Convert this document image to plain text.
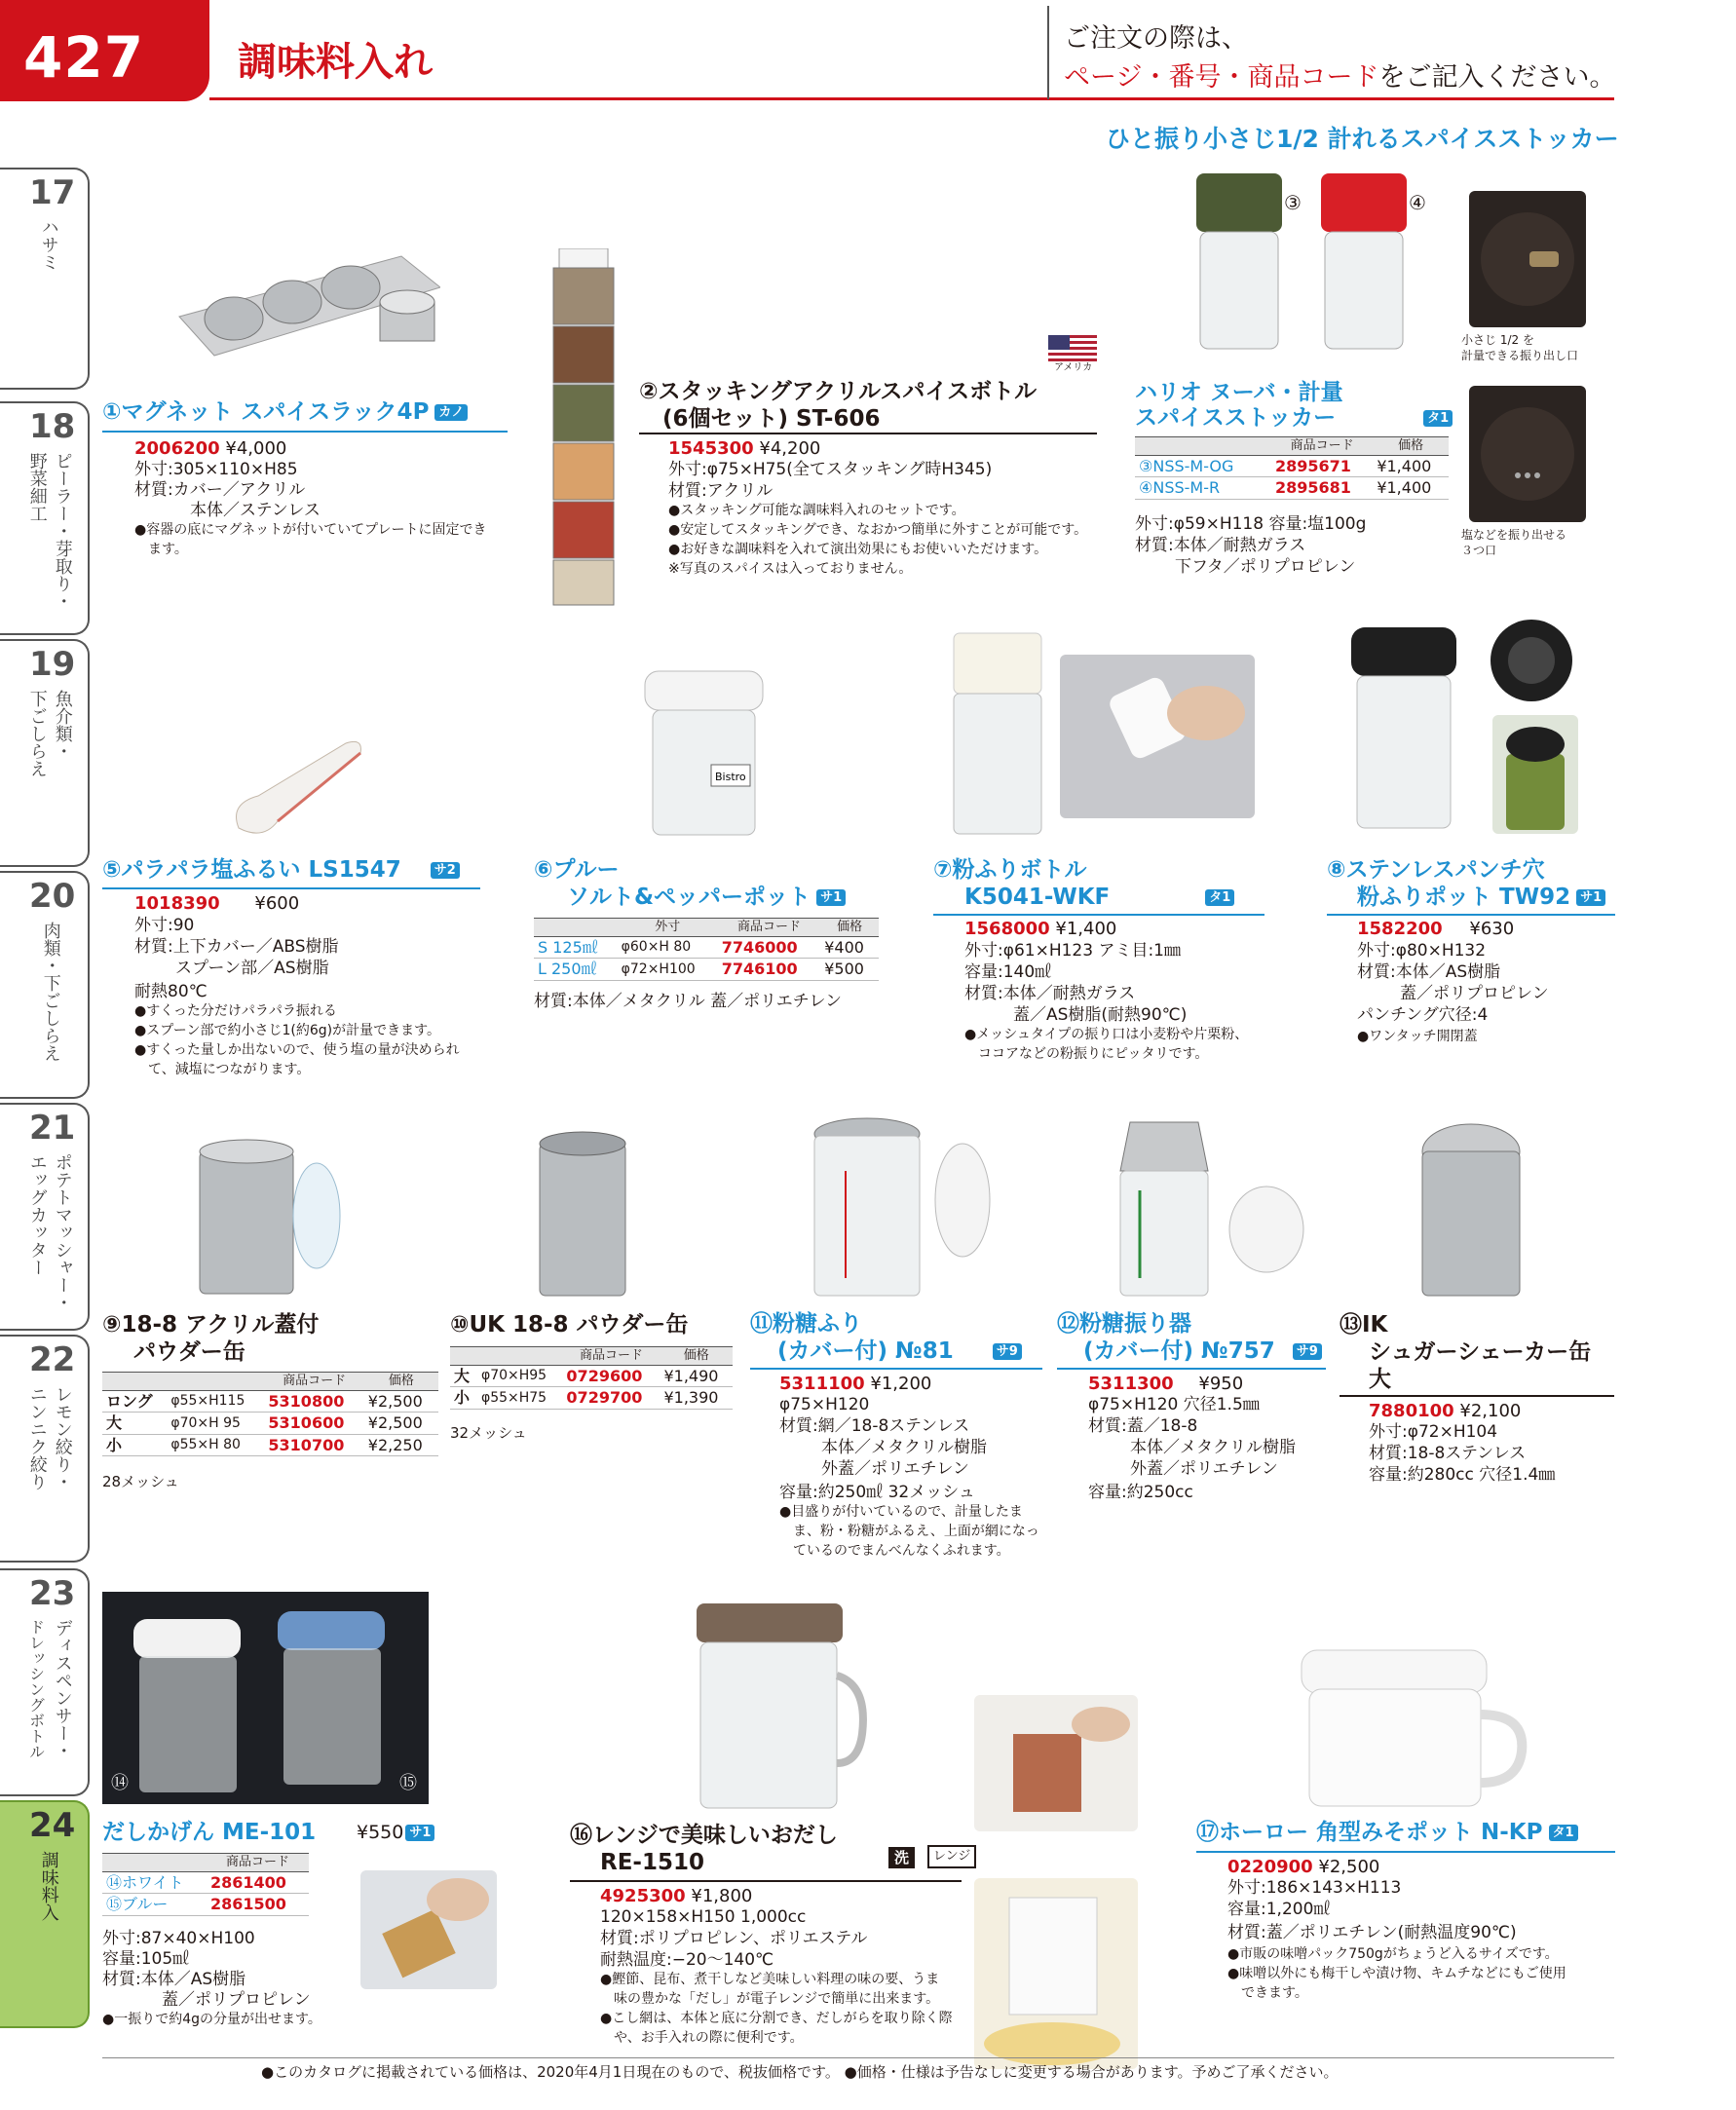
427 調味料入れ
ご注文の際は、
ページ・番号・商品コードをご記入ください。
ひと振り小さじ1/2 計れるスパイスストッカー
17
ハサミ
18
ピーラー・芽取り・
野菜細工
19
魚介類・
下ごしらえ
20
肉類・下ごしらえ
21
ポテトマッシャー・
エッグカッター
22
レモン絞り・
ニンニク絞り
23
ディスペンサー・
ドレッシングボトル
24
調味料入
①マグネット スパイスラック4P カノ
2006200 ¥4,000
外寸:305×110×H85
材質:カバー／アクリル
本体／ステンレス
●容器の底にマグネットが付いていてプレートに固定でき
ます。
アメリカ
②スタッキングアクリルスパイスボトル
(6個セット) ST-606
1545300 ¥4,200
外寸:φ75×H75(全てスタッキング時H345)
材質:アクリル
●スタッキング可能な調味料入れのセットです。
●安定してスタッキングでき、なおかつ簡単に外すことが可能です。
●お好きな調味料を入れて演出効果にもお使いいただけます。
※写真のスパイスは入っておりません。
③	④
小さじ 1/2 を
計量できる振り出し口
塩などを振り出せる
３つ口
ハリオ ヌーバ・計量
スパイスストッカー	タ1
	商品コード	価格
③NSS-M-OG	2895671	¥1,400
④NSS-M-R	2895681	¥1,400
外寸:φ59×H118 容量:塩100g
材質:本体／耐熱ガラス
下フタ／ポリプロピレン
⑤パラパラ塩ふるい LS1547	サ2
1018390 ¥600
外寸:90
材質:上下カバー／ABS樹脂
スプーン部／AS樹脂
耐熱80℃
●すくった分だけパラパラ振れる
●スプーン部で約小さじ1(約6g)が計量できます。
●すくった量しか出ないので、使う塩の量が決められ
て、減塩につながります。
Bistro
⑥プルー
ソルト&ペッパーポット サ1
	外寸	商品コード	価格
S 125㎖	φ60×H 80	7746000	¥400
L 250㎖	φ72×H100	7746100	¥500
材質:本体／メタクリル 蓋／ポリエチレン
⑦粉ふりボトル
K5041-WKF	タ1
1568000 ¥1,400
外寸:φ61×H123 アミ目:1㎜
容量:140㎖
材質:本体／耐熱ガラス
蓋／AS樹脂(耐熱90℃)
●メッシュタイプの振り口は小麦粉や片栗粉、
ココアなどの粉振りにピッタリです。
⑧ステンレスパンチ穴
粉ふりポット TW92 サ1
1582200 ¥630
外寸:φ80×H132
材質:本体／AS樹脂
蓋／ポリプロピレン
パンチング穴径:4
●ワンタッチ開閉蓋
⑨18-8 アクリル蓋付
パウダー缶
		商品コード	価格
ロング	φ55×H115	5310800	¥2,500
大	φ70×H 95	5310600	¥2,500
小	φ55×H 80	5310700	¥2,250
28メッシュ
⑩UK 18-8 パウダー缶
		商品コード	価格
大	φ70×H95	0729600	¥1,490
小	φ55×H75	0729700	¥1,390
32メッシュ
⑪粉糖ふり
(カバー付) №81	サ9
5311100 ¥1,200
φ75×H120
材質:網／18-8ステンレス
本体／メタクリル樹脂
外蓋／ポリエチレン
容量:約250㎖ 32メッシュ
●目盛りが付いているので、計量したま
ま、粉・粉糖がふるえ、上面が網になっ
ているのでまんべんなくふれます。
⑫粉糖振り器
(カバー付) №757 サ9
5311300 ¥950
φ75×H120 穴径1.5㎜
材質:蓋／18-8
本体／メタクリル樹脂
外蓋／ポリエチレン
容量:約250cc
⑬IK
シュガーシェーカー缶
大
7880100 ¥2,100
外寸:φ72×H104
材質:18-8ステンレス
容量:約280cc 穴径1.4㎜
⑭	⑮
だしかげん ME-101 ¥550 サ1
	商品コード
⑭ホワイト	2861400
⑮ブルー	2861500
外寸:87×40×H100
容量:105㎖
材質:本体／AS樹脂
蓋／ポリプロピレン
●一振りで約4gの分量が出せます。
⑯レンジで美味しいおだし
RE-1510	洗	レンジ
4925300 ¥1,800
120×158×H150 1,000cc
材質:ポリプロピレン、ポリエステル
耐熱温度:−20〜140℃
●鰹節、昆布、煮干しなど美味しい料理の味の要、うま
味の豊かな「だし」が電子レンジで簡単に出来ます。
●こし網は、本体と底に分割でき、だしがらを取り除く際
や、お手入れの際に便利です。
⑰ホーロー 角型みそポット N-KP タ1
0220900 ¥2,500
外寸:186×143×H113
容量:1,200㎖
材質:蓋／ポリエチレン(耐熱温度90℃)
●市販の味噌パック750gがちょうど入るサイズです。
●味噌以外にも梅干しや漬け物、キムチなどにもご使用
できます。
●このカタログに掲載されている価格は、2020年4月1日現在のもので、税抜価格です。 ●価格・仕様は予告なしに変更する場合があります。予めご了承ください。
